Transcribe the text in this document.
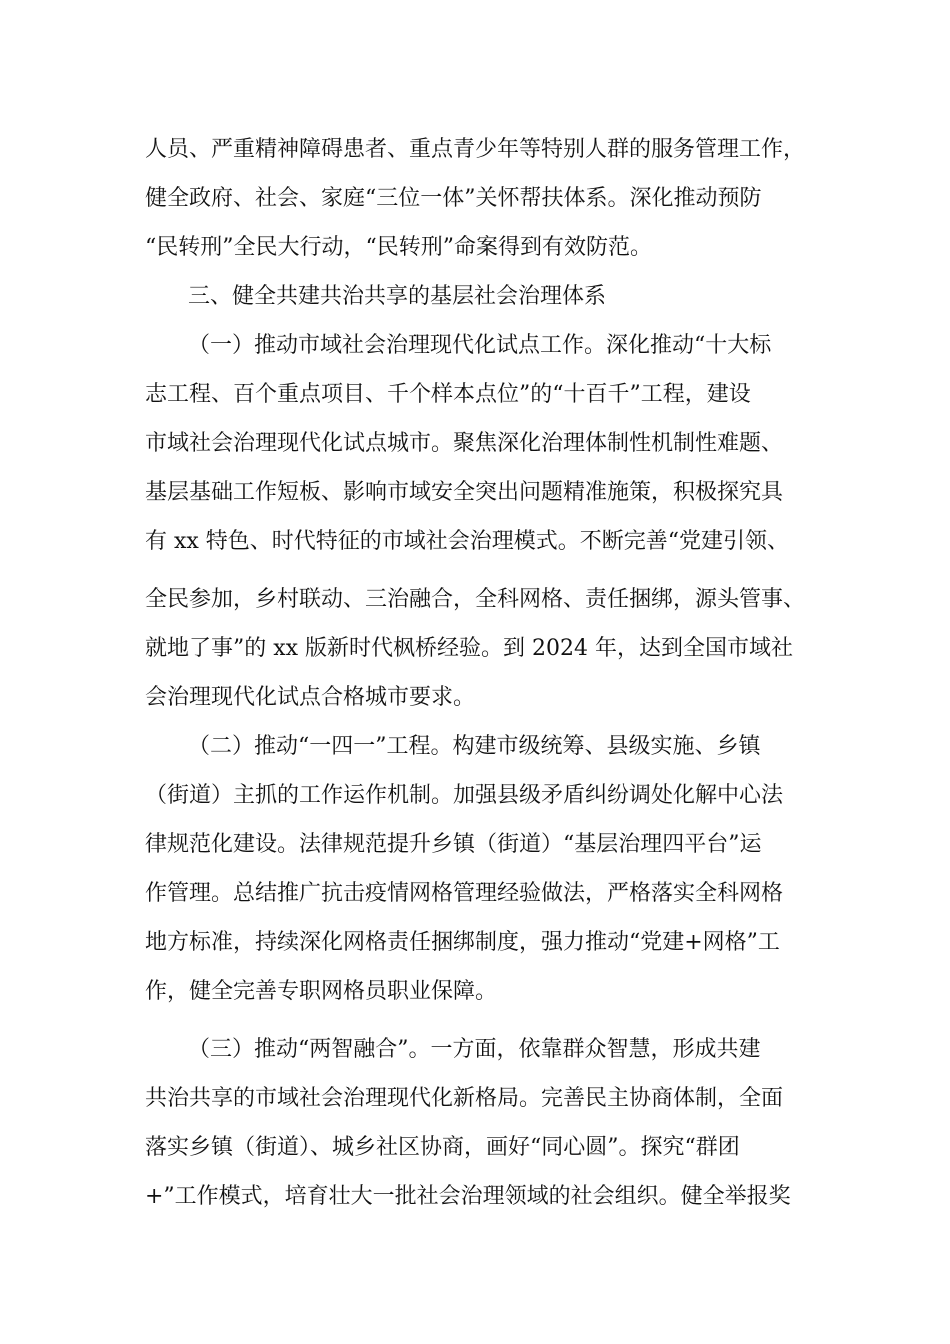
人员、严重精神障碍患者、重点青少年等特别人群的服务管理工作，
健全政府、社会、家庭“三位一体”关怀帮扶体系。深化推动预防
“民转刑”全民大行动，“民转刑”命案得到有效防范。
三、健全共建共治共享的基层社会治理体系
（一）推动市域社会治理现代化试点工作。深化推动“十大标
志工程、百个重点项目、千个样本点位”的“十百千”工程，建设
市域社会治理现代化试点城市。聚焦深化治理体制性机制性难题、
基层基础工作短板、影响市域安全突出问题精准施策，积极探究具
有 xx 特色、时代特征的市域社会治理模式。不断完善“党建引领、
全民参加，乡村联动、三治融合，全科网格、责任捆绑，源头管事、
就地了事”的 xx 版新时代枫桥经验。到 2024 年，达到全国市域社
会治理现代化试点合格城市要求。
（二）推动“一四一”工程。构建市级统筹、县级实施、乡镇
（街道）主抓的工作运作机制。加强县级矛盾纠纷调处化解中心法
律规范化建设。法律规范提升乡镇（街道）“基层治理四平台”运
作管理。总结推广抗击疫情网格管理经验做法，严格落实全科网格
地方标准，持续深化网格责任捆绑制度，强力推动“党建+网格”工
作，健全完善专职网格员职业保障。
（三）推动“两智融合”。一方面，依靠群众智慧，形成共建
共治共享的市域社会治理现代化新格局。完善民主协商体制，全面
落实乡镇（街道）、城乡社区协商，画好“同心圆”。探究“群团
+”工作模式，培育壮大一批社会治理领域的社会组织。健全举报奖
